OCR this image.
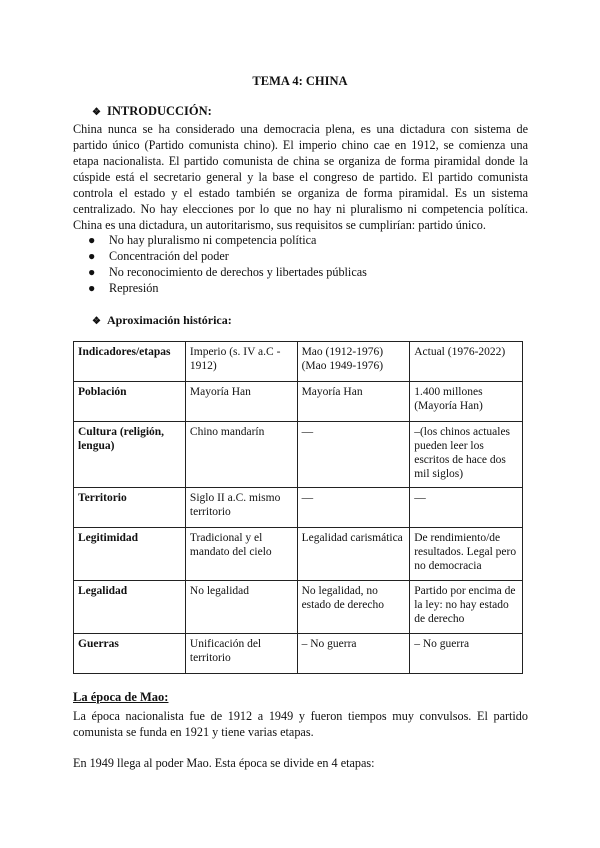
TEMA 4: CHINA
❖ INTRODUCCIÓN:
China nunca se ha considerado una democracia plena, es una dictadura con sistema de partido único (Partido comunista chino). El imperio chino cae en 1912, se comienza una etapa nacionalista. El partido comunista de china se organiza de forma piramidal donde la cúspide está el secretario general y la base el congreso de partido. El partido comunista controla el estado y el estado también se organiza de forma piramidal. Es un sistema centralizado. No hay elecciones por lo que no hay ni pluralismo ni competencia política. China es una dictadura, un autoritarismo, sus requisitos se cumplirían: partido único.
● No hay pluralismo ni competencia política
● Concentración del poder
● No reconocimiento de derechos y libertades públicas
● Represión
❖ Aproximación histórica:
Indicadores/etapas	Imperio (s. IV a.C - 1912)	Mao (1912-1976) (Mao 1949-1976)	Actual (1976-2022)
Población	Mayoría Han	Mayoría Han	1.400 millones (Mayoría Han)
Cultura (religión, lengua)	Chino mandarín	—	–(los chinos actuales pueden leer los escritos de hace dos mil siglos)
Territorio	Siglo II a.C. mismo territorio	—	—
Legitimidad	Tradicional y el mandato del cielo	Legalidad carismática	De rendimiento/de resultados. Legal pero no democracia
Legalidad	No legalidad	No legalidad, no estado de derecho	Partido por encima de la ley: no hay estado de derecho
Guerras	Unificación del territorio	– No guerra	– No guerra
La época de Mao:
La época nacionalista fue de 1912 a 1949 y fueron tiempos muy convulsos. El partido comunista se funda en 1921 y tiene varias etapas.
En 1949 llega al poder Mao. Esta época se divide en 4 etapas:
